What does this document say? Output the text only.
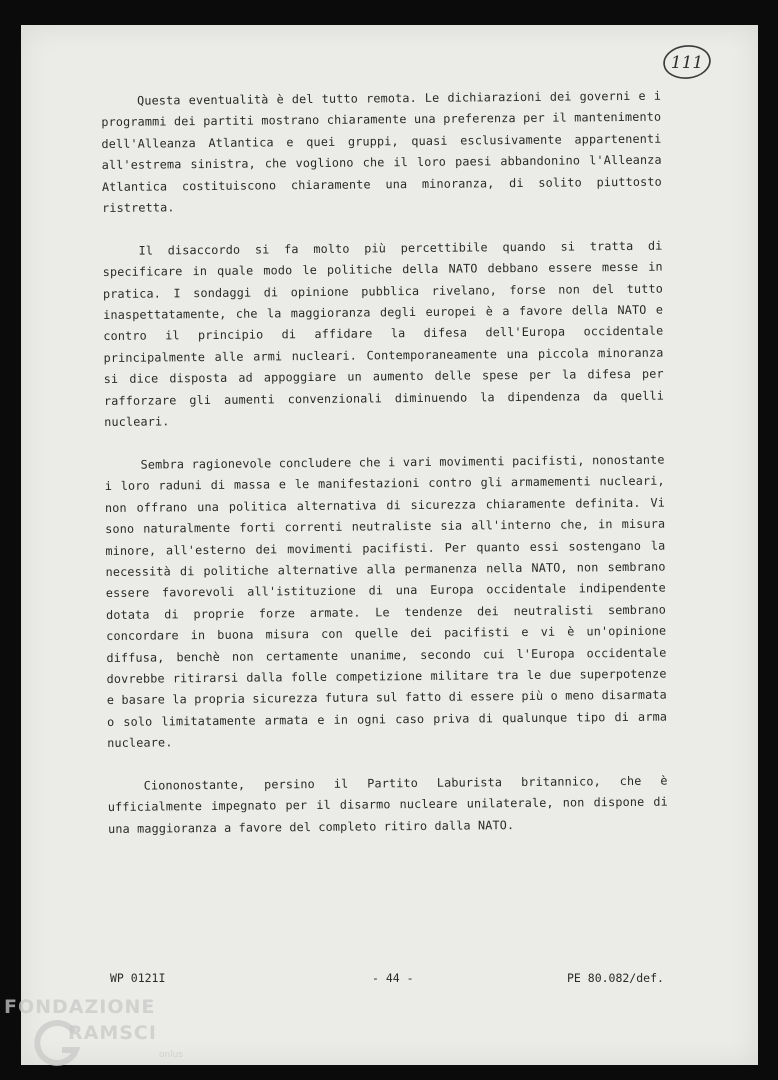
111

Questa eventualità è del tutto remota. Le dichiarazioni dei governi e i programmi dei partiti mostrano chiaramente una preferenza per il mantenimento dell'Alleanza Atlantica e quei gruppi, quasi esclusivamente appartenenti all'estrema sinistra, che vogliono che il loro paesi abbandonino l'Alleanza Atlantica costituiscono chiaramente una minoranza, di solito piuttosto ristretta.

Il disaccordo si fa molto più percettibile quando si tratta di specificare in quale modo le politiche della NATO debbano essere messe in pratica. I sondaggi di opinione pubblica rivelano, forse non del tutto inaspettatamente, che la maggioranza degli europei è a favore della NATO e contro il principio di affidare la difesa dell'Europa occidentale principalmente alle armi nucleari. Contemporaneamente una piccola minoranza si dice disposta ad appoggiare un aumento delle spese per la difesa per rafforzare gli aumenti convenzionali diminuendo la dipendenza da quelli nucleari.

Sembra ragionevole concludere che i vari movimenti pacifisti, nonostante i loro raduni di massa e le manifestazioni contro gli armamementi nucleari, non offrano una politica alternativa di sicurezza chiaramente definita. Vi sono naturalmente forti correnti neutraliste sia all'interno che, in misura minore, all'esterno dei movimenti pacifisti. Per quanto essi sostengano la necessità di politiche alternative alla permanenza nella NATO, non sembrano essere favorevoli all'istituzione di una Europa occidentale indipendente dotata di proprie forze armate. Le tendenze dei neutralisti sembrano concordare in buona misura con quelle dei pacifisti e vi è un'opinione diffusa, benchè non certamente unanime, secondo cui l'Europa occidentale dovrebbe ritirarsi dalla folle competizione militare tra le due superpotenze e basare la propria sicurezza futura sul fatto di essere più o meno disarmata o solo limitatamente armata e in ogni caso priva di qualunque tipo di arma nucleare.

Ciononostante, persino il Partito Laburista britannico, che è ufficialmente impegnato per il disarmo nucleare unilaterale, non dispone di una maggioranza a favore del completo ritiro dalla NATO.

WP 0121I	- 44 -	PE 80.082/def.
FONDAZIONE
RAMSCI
onlus
